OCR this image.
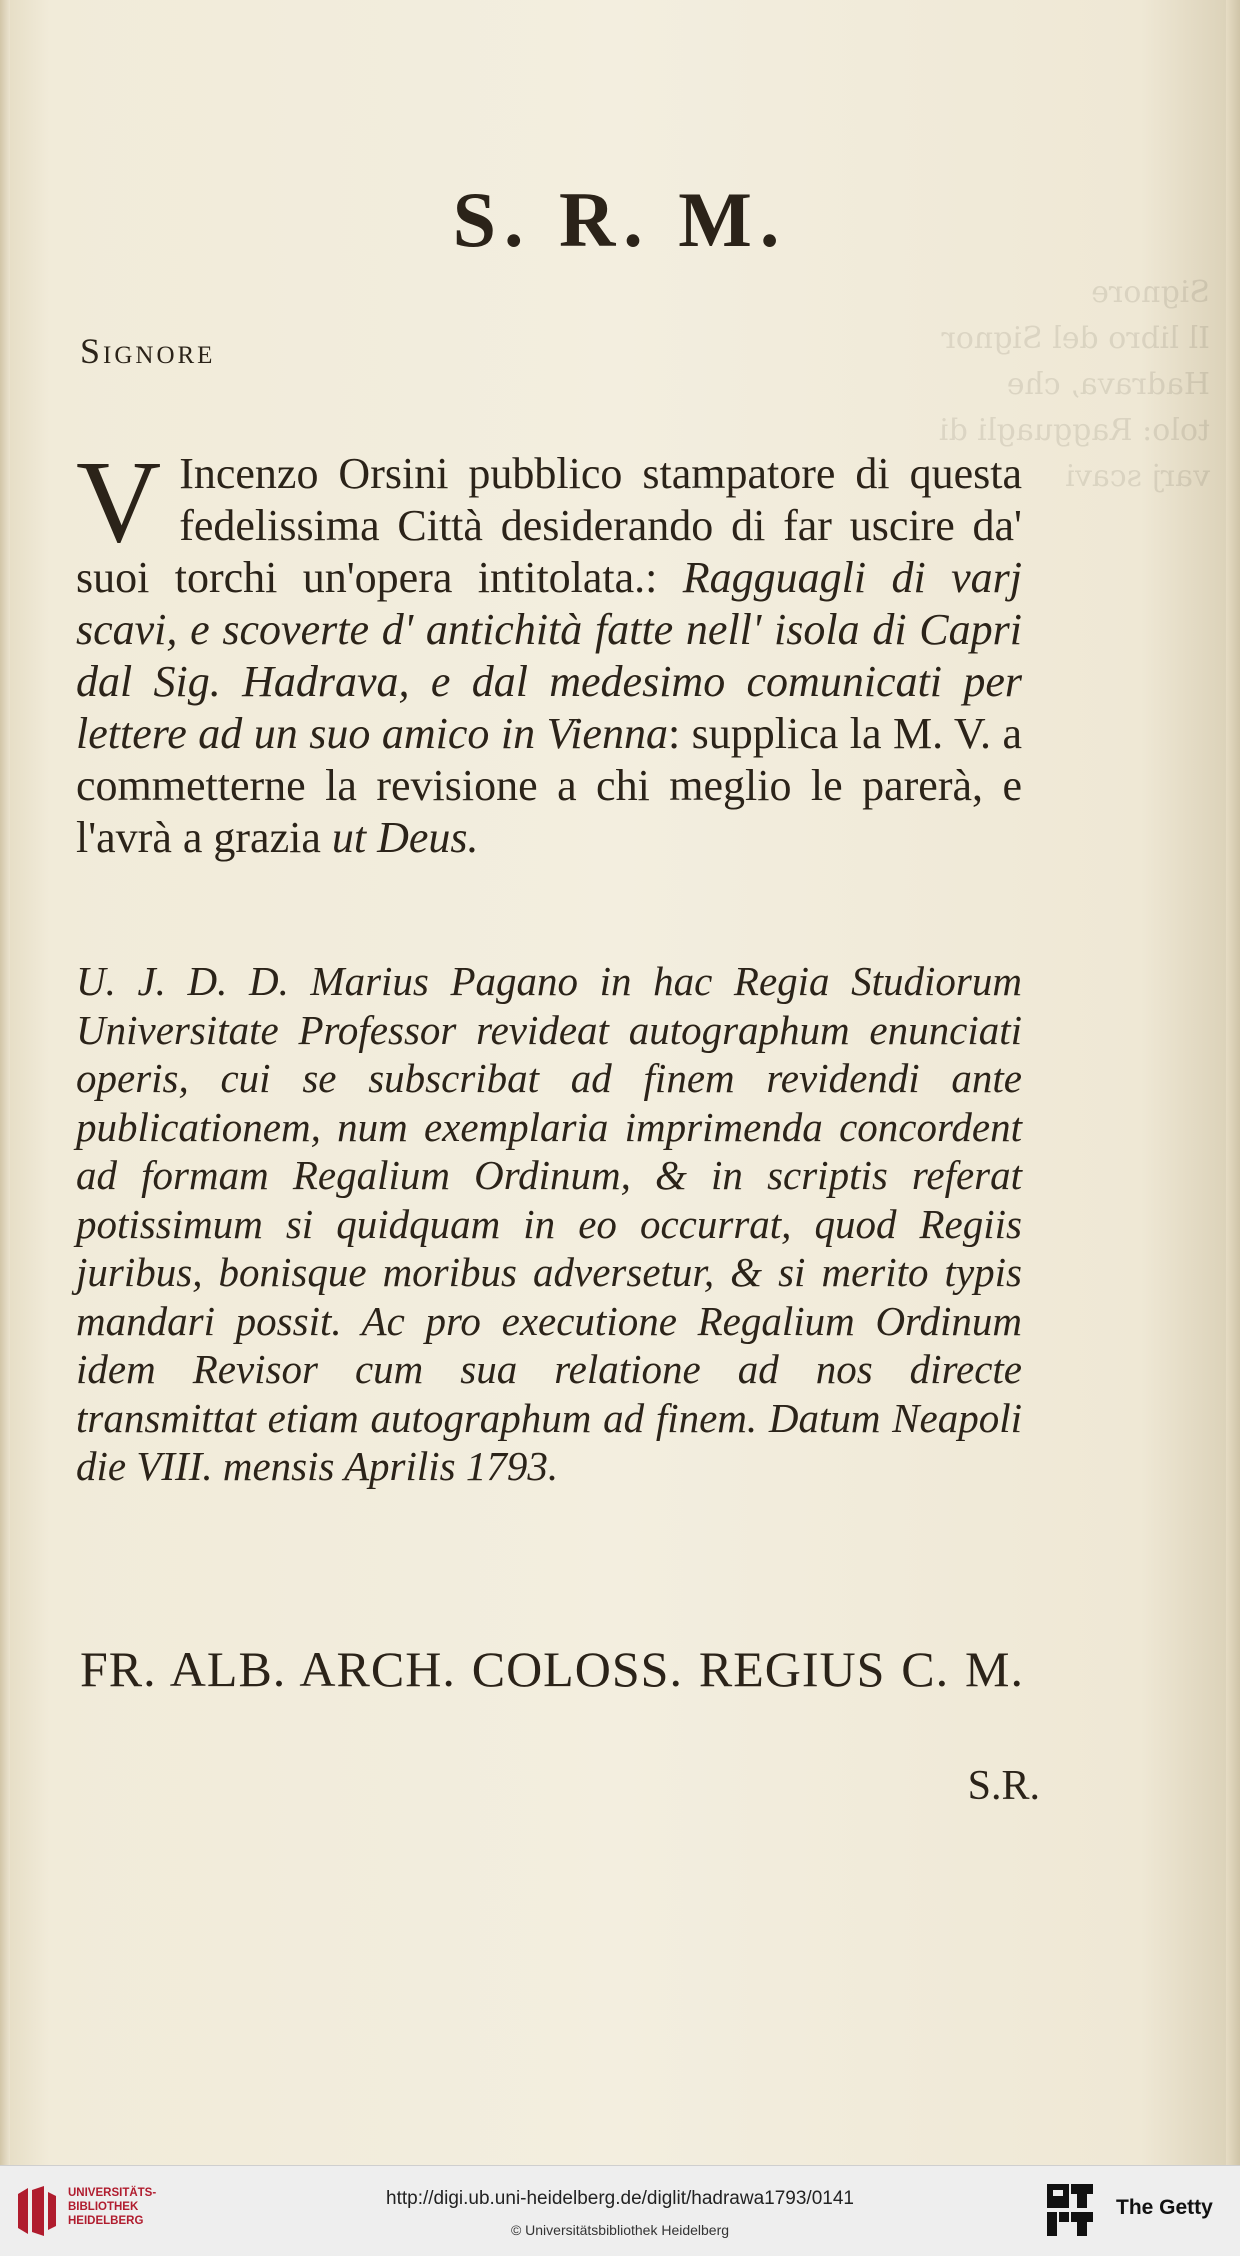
Signore
Il libro del Signor Hadrava, che
tolo: Ragguagli di varj scavi
S. R. M.
Signore
V Incenzo Orsini pubblico stampatore di questa fedelissima Città desiderando di far uscire da' suoi torchi un'opera intitolata.: Ragguagli di varj scavi, e scoverte d' antichità fatte nell' isola di Capri dal Sig. Hadrava, e dal medesimo comunicati per lettere ad un suo amico in Vienna: supplica la M. V. a commetterne la revisione a chi meglio le parerà, e l'avrà a grazia ut Deus.
U. J. D. D. Marius Pagano in hac Regia Studiorum Universitate Professor revideat autographum enunciati operis, cui se subscribat ad finem revidendi ante publicationem, num exemplaria imprimenda concordent ad formam Regalium Ordinum, & in scriptis referat potissimum si quidquam in eo occurrat, quod Regiis juribus, bonisque moribus adversetur, & si merito typis mandari possit. Ac pro executione Regalium Ordinum idem Revisor cum sua relatione ad nos directe transmittat etiam autographum ad finem. Datum Neapoli die VIII. mensis Aprilis 1793.
FR. ALB. ARCH. COLOSS. REGIUS C. M.
S.R.
UNIVERSITÄTS-
BIBLIOTHEK
HEIDELBERG
http://digi.ub.uni-heidelberg.de/diglit/hadrawa1793/0141
© Universitätsbibliothek Heidelberg
The Getty
